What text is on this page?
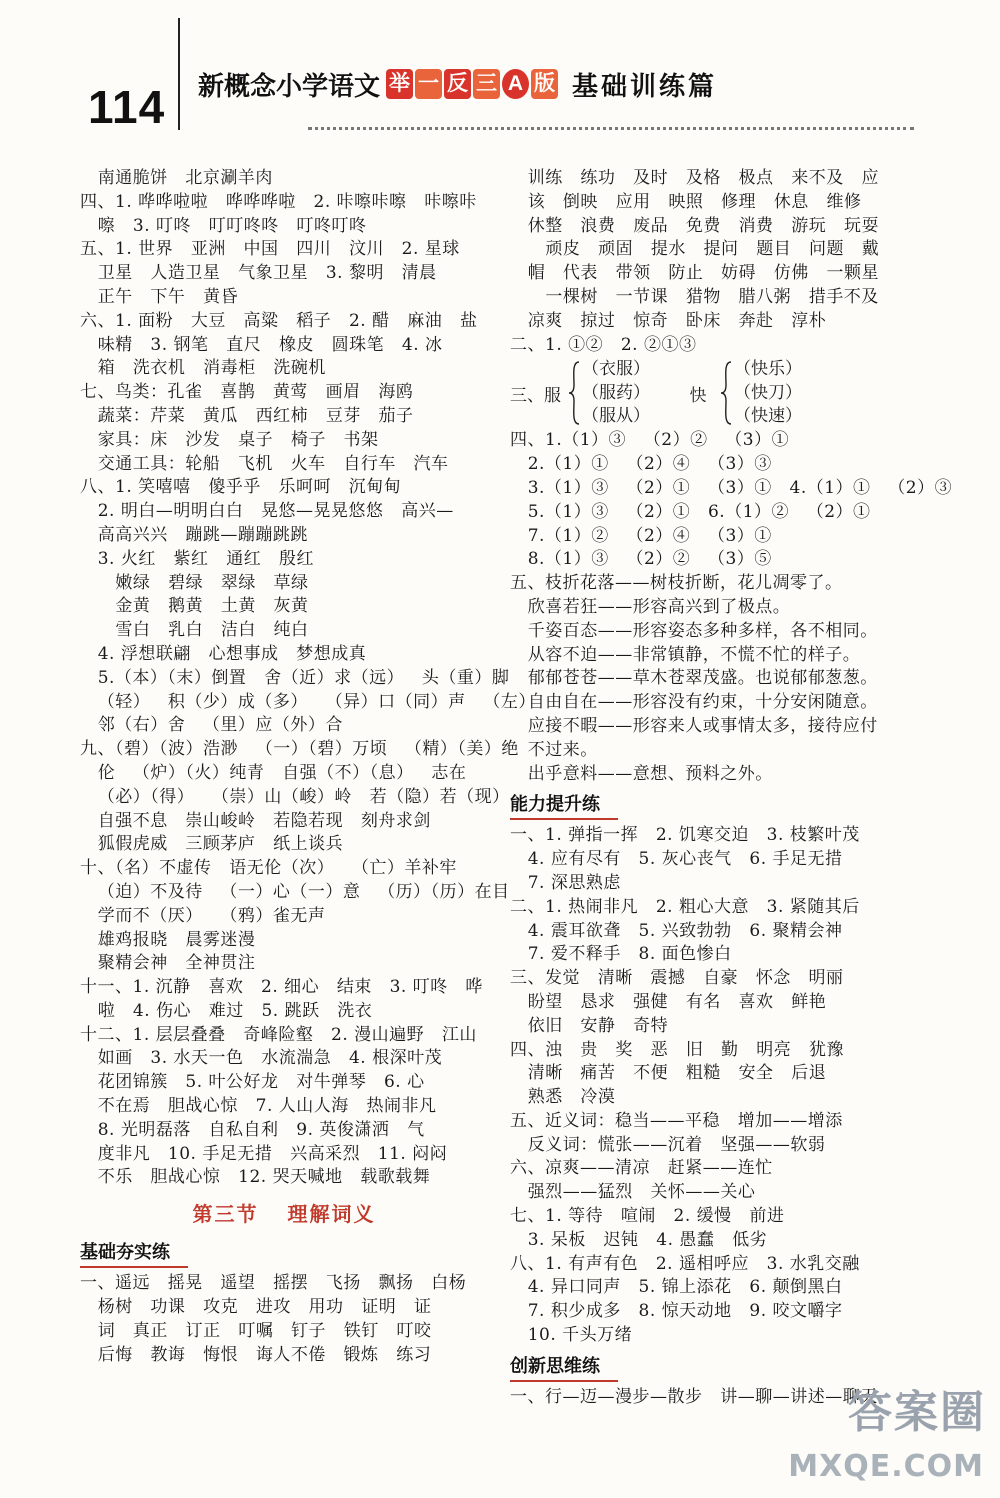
114 新概念小学语文 举 一 反 三 A 版 基础训练篇
南通脆饼   北京涮羊肉
四、1. 哗哗啦啦   哗哗哗啦   2. 咔嚓咔嚓   咔嚓咔
嚓   3. 叮咚   叮叮咚咚   叮咚叮咚
五、1. 世界   亚洲   中国   四川   汶川   2. 星球
卫星   人造卫星   气象卫星   3. 黎明   清晨
正午   下午   黄昏
六、1. 面粉   大豆   高粱   稻子   2. 醋   麻油   盐
味精   3. 钢笔   直尺   橡皮   圆珠笔   4. 冰
箱   洗衣机   消毒柜   洗碗机
七、鸟类：孔雀   喜鹊   黄莺   画眉   海鸥
蔬菜：芹菜   黄瓜   西红柿   豆芽   茄子
家具：床   沙发   桌子   椅子   书架
交通工具：轮船   飞机   火车   自行车   汽车
八、1. 笑嘻嘻   傻乎乎   乐呵呵   沉甸甸
2. 明白—明明白白   晃悠—晃晃悠悠   高兴—
高高兴兴   蹦跳—蹦蹦跳跳
3. 火红   紫红   通红   殷红
嫩绿   碧绿   翠绿   草绿
金黄   鹅黄   土黄   灰黄
雪白   乳白   洁白   纯白
4. 浮想联翩   心想事成   梦想成真
5.（本）（末）倒置   舍（近）求（远）   头（重）脚
（轻）   积（少）成（多）   （异）口（同）声   （左）
邻（右）舍   （里）应（外）合
九、（碧）（波）浩渺   （一）（碧）万顷   （精）（美）绝
伦   （炉）（火）纯青   自强（不）（息）   志在
（必）（得）   （崇）山（峻）岭   若（隐）若（现）
自强不息   崇山峻岭   若隐若现   刻舟求剑
狐假虎威   三顾茅庐   纸上谈兵
十、（名）不虚传   语无伦（次）   （亡）羊补牢
（迫）不及待   （一）心（一）意   （历）（历）在目
学而不（厌）   （鸦）雀无声
雄鸡报晓   晨雾迷漫
聚精会神   全神贯注
十一、1. 沉静   喜欢   2. 细心   结束   3. 叮咚   哗
啦   4. 伤心   难过   5. 跳跃   洗衣
十二、1. 层层叠叠   奇峰险壑   2. 漫山遍野   江山
如画   3. 水天一色   水流湍急   4. 根深叶茂
花团锦簇   5. 叶公好龙   对牛弹琴   6. 心
不在焉   胆战心惊   7. 人山人海   热闹非凡
8. 光明磊落   自私自利   9. 英俊潇洒   气
度非凡   10. 手足无措   兴高采烈   11. 闷闷
不乐   胆战心惊   12. 哭天喊地   载歌载舞
第三节 理解词义
基础夯实练
一、遥远   摇晃   遥望   摇摆   飞扬   飘扬   白杨
杨树   功课   攻克   进攻   用功   证明   证
词   真正   订正   叮嘱   钉子   铁钉   叮咬
后悔   教诲   悔恨   诲人不倦   锻炼   练习
训练   练功   及时   及格   极点   来不及   应
该   倒映   应用   映照   修理   休息   维修
休整   浪费   废品   免费   消费   游玩   玩耍
顽皮   顽固   提水   提问   题目   问题   戴
帽   代表   带领   防止   妨碍   仿佛   一颗星
一棵树   一节课   猎物   腊八粥   措手不及
凉爽   掠过   惊奇   卧床   奔赴   淳朴
二、1. ①②   2. ②①③
三、服
（衣服）
（服药）
（服从）
快
（快乐）
（快刀）
（快速）
四、1.（1）③   （2）②   （3）①
2.（1）①   （2）④   （3）③
3.（1）③   （2）①   （3）①   4.（1）①   （2）③
5.（1）③   （2）①   6.（1）②   （2）①
7.（1）②   （2）④   （3）①
8.（1）③   （2）②   （3）⑤
五、枝折花落——树枝折断，花儿凋零了。
欣喜若狂——形容高兴到了极点。
千姿百态——形容姿态多种多样，各不相同。
从容不迫——非常镇静，不慌不忙的样子。
郁郁苍苍——草木苍翠茂盛。也说郁郁葱葱。
自由自在——形容没有约束，十分安闲随意。
应接不暇——形容来人或事情太多，接待应付
不过来。
出乎意料——意想、预料之外。
能力提升练
一、1. 弹指一挥   2. 饥寒交迫   3. 枝繁叶茂
4. 应有尽有   5. 灰心丧气   6. 手足无措
7. 深思熟虑
二、1. 热闹非凡   2. 粗心大意   3. 紧随其后
4. 震耳欲聋   5. 兴致勃勃   6. 聚精会神
7. 爱不释手   8. 面色惨白
三、发觉   清晰   震撼   自豪   怀念   明丽
盼望   恳求   强健   有名   喜欢   鲜艳
依旧   安静   奇特
四、浊   贵   奖   恶   旧   勤   明亮   犹豫
清晰   痛苦   不便   粗糙   安全   后退
熟悉   冷漠
五、近义词：稳当——平稳   增加——增添
反义词：慌张——沉着   坚强——软弱
六、凉爽——清凉   赶紧——连忙
强烈——猛烈   关怀——关心
七、1. 等待   喧闹   2. 缓慢   前进
3. 呆板   迟钝   4. 愚蠢   低劣
八、1. 有声有色   2. 遥相呼应   3. 水乳交融
4. 异口同声   5. 锦上添花   6. 颠倒黑白
7. 积少成多   8. 惊天动地   9. 咬文嚼字
10. 千头万绪
创新思维练
一、行—迈—漫步—散步   讲—聊—讲述—聊天
答案圈
MXQE.COM
